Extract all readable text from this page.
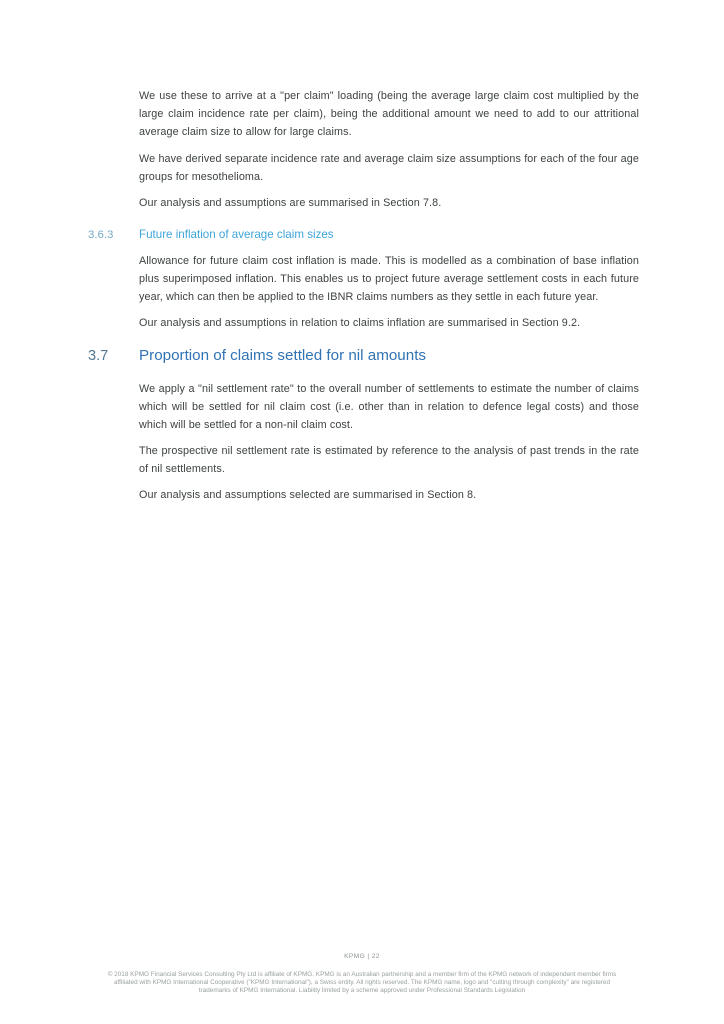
We use these to arrive at a "per claim" loading (being the average large claim cost multiplied by the large claim incidence rate per claim), being the additional amount we need to add to our attritional average claim size to allow for large claims.

We have derived separate incidence rate and average claim size assumptions for each of the four age groups for mesothelioma.

Our analysis and assumptions are summarised in Section 7.8.

3.6.3	Future inflation of average claim sizes

Allowance for future claim cost inflation is made. This is modelled as a combination of base inflation plus superimposed inflation. This enables us to project future average settlement costs in each future year, which can then be applied to the IBNR claims numbers as they settle in each future year.

Our analysis and assumptions in relation to claims inflation are summarised in Section 9.2.

3.7	Proportion of claims settled for nil amounts

We apply a "nil settlement rate" to the overall number of settlements to estimate the number of claims which will be settled for nil claim cost (i.e. other than in relation to defence legal costs) and those which will be settled for a non-nil claim cost.

The prospective nil settlement rate is estimated by reference to the analysis of past trends in the rate of nil settlements.

Our analysis and assumptions selected are summarised in Section 8.

KPMG | 22
© 2018 KPMG Financial Services Consulting Pty Ltd is affiliate of KPMG. KPMG is an Australian partnership and a member firm of the KPMG network of independent member firms
affiliated with KPMG International Cooperative ("KPMG International"), a Swiss entity. All rights reserved. The KPMG name, logo and "cutting through complexity" are registered
trademarks of KPMG International. Liability limited by a scheme approved under Professional Standards Legislation
